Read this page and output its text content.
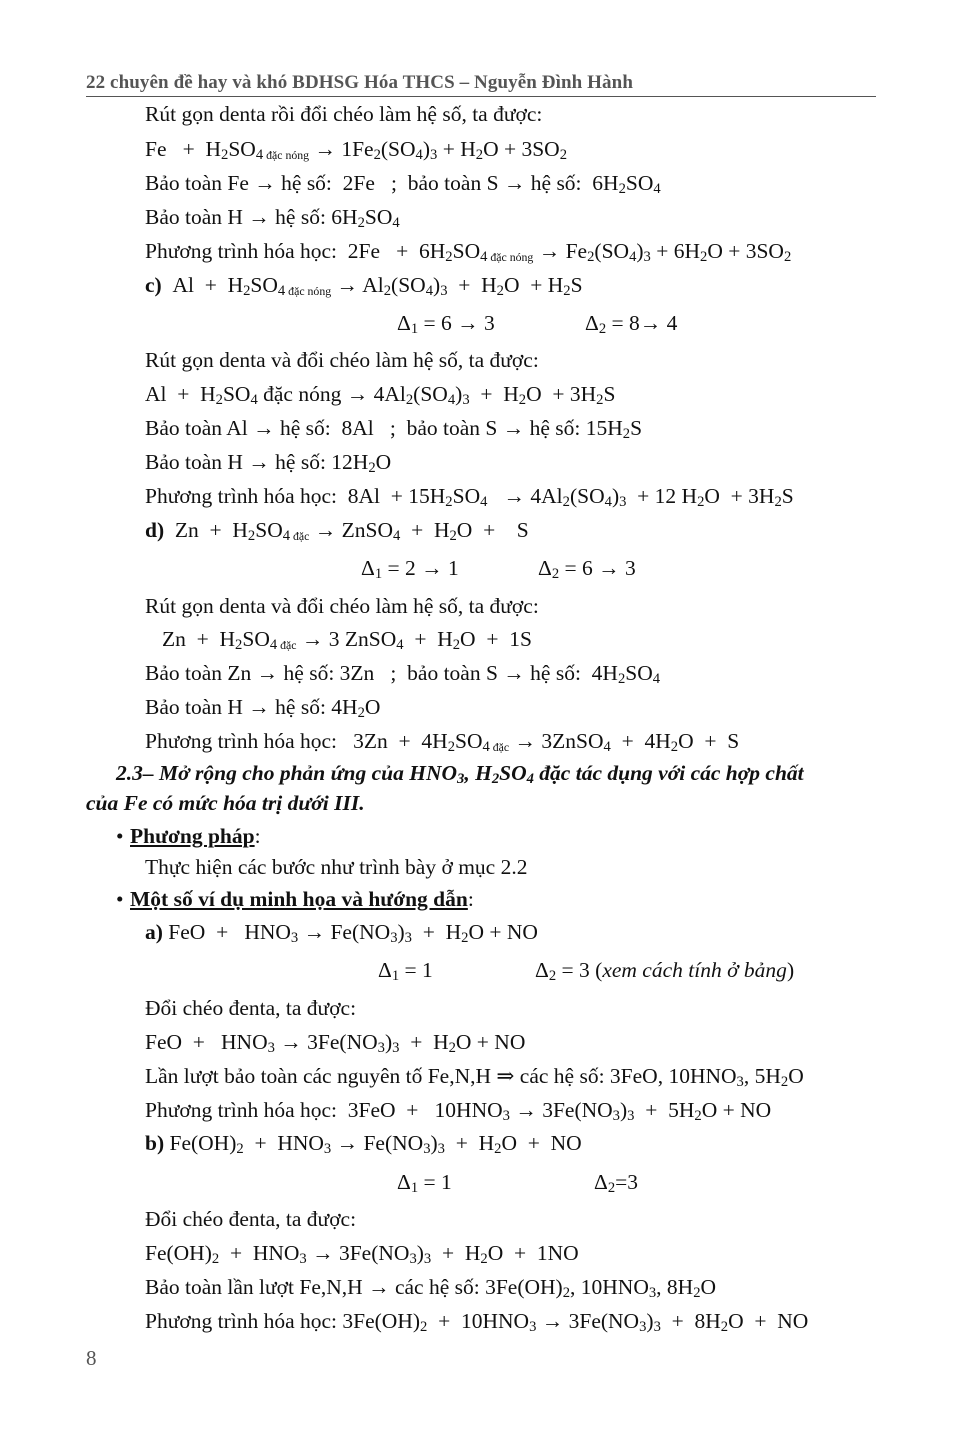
22 chuyên đề hay và khó BDHSG Hóa THCS – Nguyễn Đình Hành
Rút gọn denta rồi đổi chéo làm hệ số, ta được:
$Fe + H_2SO_4$ $_{đặc nóng} \to 1Fe_2(SO_4)_3 + H_2O + 3SO_2$
Bảo toàn Fe → hệ số:  2Fe   ;  bảo toàn S → hệ số:  $6H_2SO_4$
Bảo toàn H → hệ số: $6H_2SO_4$
Phương trình hóa học:  $2Fe + 6H_2SO_4$ $_{đặc nóng} \to Fe_2(SO_4)_3 + 6H_2O + 3SO_2$
c)  $Al + H_2SO_4$ $_{đặc nóng} \to Al_2(SO_4)_3 + H_2O + H_2S$
$\Delta_1 = 6 \to 3$	$\Delta_2 = 8\to 4$
Rút gọn denta và đổi chéo làm hệ số, ta được:
$Al + H_2SO_4$ đặc nóng → $4Al_2(SO_4)_3 + H_2O + 3H_2S$
Bảo toàn Al → hệ số:  8Al   ;  bảo toàn S → hệ số: $15H_2S$
Bảo toàn H → hệ số: $12H_2O$
Phương trình hóa học:  $8Al + 15H_2SO_4 \to 4Al_2(SO_4)_3 + 12$ $H_2O + 3H_2S$
d)  $Zn + H_2SO_4$ $_{đặc}$ → ZnSO$_4$  +  $H_2O$  +    S
$\Delta_1 = 2 \to 1$	$\Delta_2 = 6 \to 3$
Rút gọn denta và đổi chéo làm hệ số, ta được:
$Zn + H_2SO_4$ $_{đặc}$ → 3 ZnSO$_4$  +  $H_2O + 1S$
Bảo toàn Zn → hệ số: 3Zn   ;  bảo toàn S → hệ số:  $4H_2SO_4$
Bảo toàn H → hệ số: $4H_2O$
Phương trình hóa học:   $3Zn + 4H_2SO_4$ $_{đặc}$ → 3ZnSO$_4$  +  $4H_2O + S$
2.3– Mở rộng cho phản ứng của $HNO_3$, $H_2SO_4$ đặc tác dụng với các hợp chất
của Fe có mức hóa trị dưới III.
• Phương pháp:
Thực hiện các bước như trình bày ở mục 2.2
• Một số ví dụ minh họa và hướng dẫn:
a) FeO  +   $HNO_3 \to Fe(NO_3)_3 + H_2O$ + NO
$\Delta_1 = 1$	$\Delta_2 = 3$ (xem cách tính ở bảng)
Đổi chéo đenta, ta được:
FeO  +   $HNO_3 \to 3Fe(NO_3)_3 + H_2O$ + NO
Lần lượt bảo toàn các nguyên tố Fe,N,H ⇒ các hệ số: 3FeO, $10HNO_3$, $5H_2O$
Phương trình hóa học:  $3FeO + 10HNO_3 \to 3Fe(NO_3)_3 + 5H_2O$ + NO
b) $Fe(OH)_2 + HNO_3 \to Fe(NO_3)_3 + H_2O$  +  NO
$\Delta_1 = 1$	$\Delta_2=3$
Đổi chéo đenta, ta được:
$Fe(OH)_2 + HNO_3 \to 3Fe(NO_3)_3 + H_2O + 1NO$
Bảo toàn lần lượt Fe,N,H → các hệ số: $3Fe(OH)_2$, $10HNO_3$, $8H_2O$
Phương trình hóa học: $3Fe(OH)_2 + 10HNO_3 \to 3Fe(NO_3)_3 + 8H_2O$  +  NO
8
